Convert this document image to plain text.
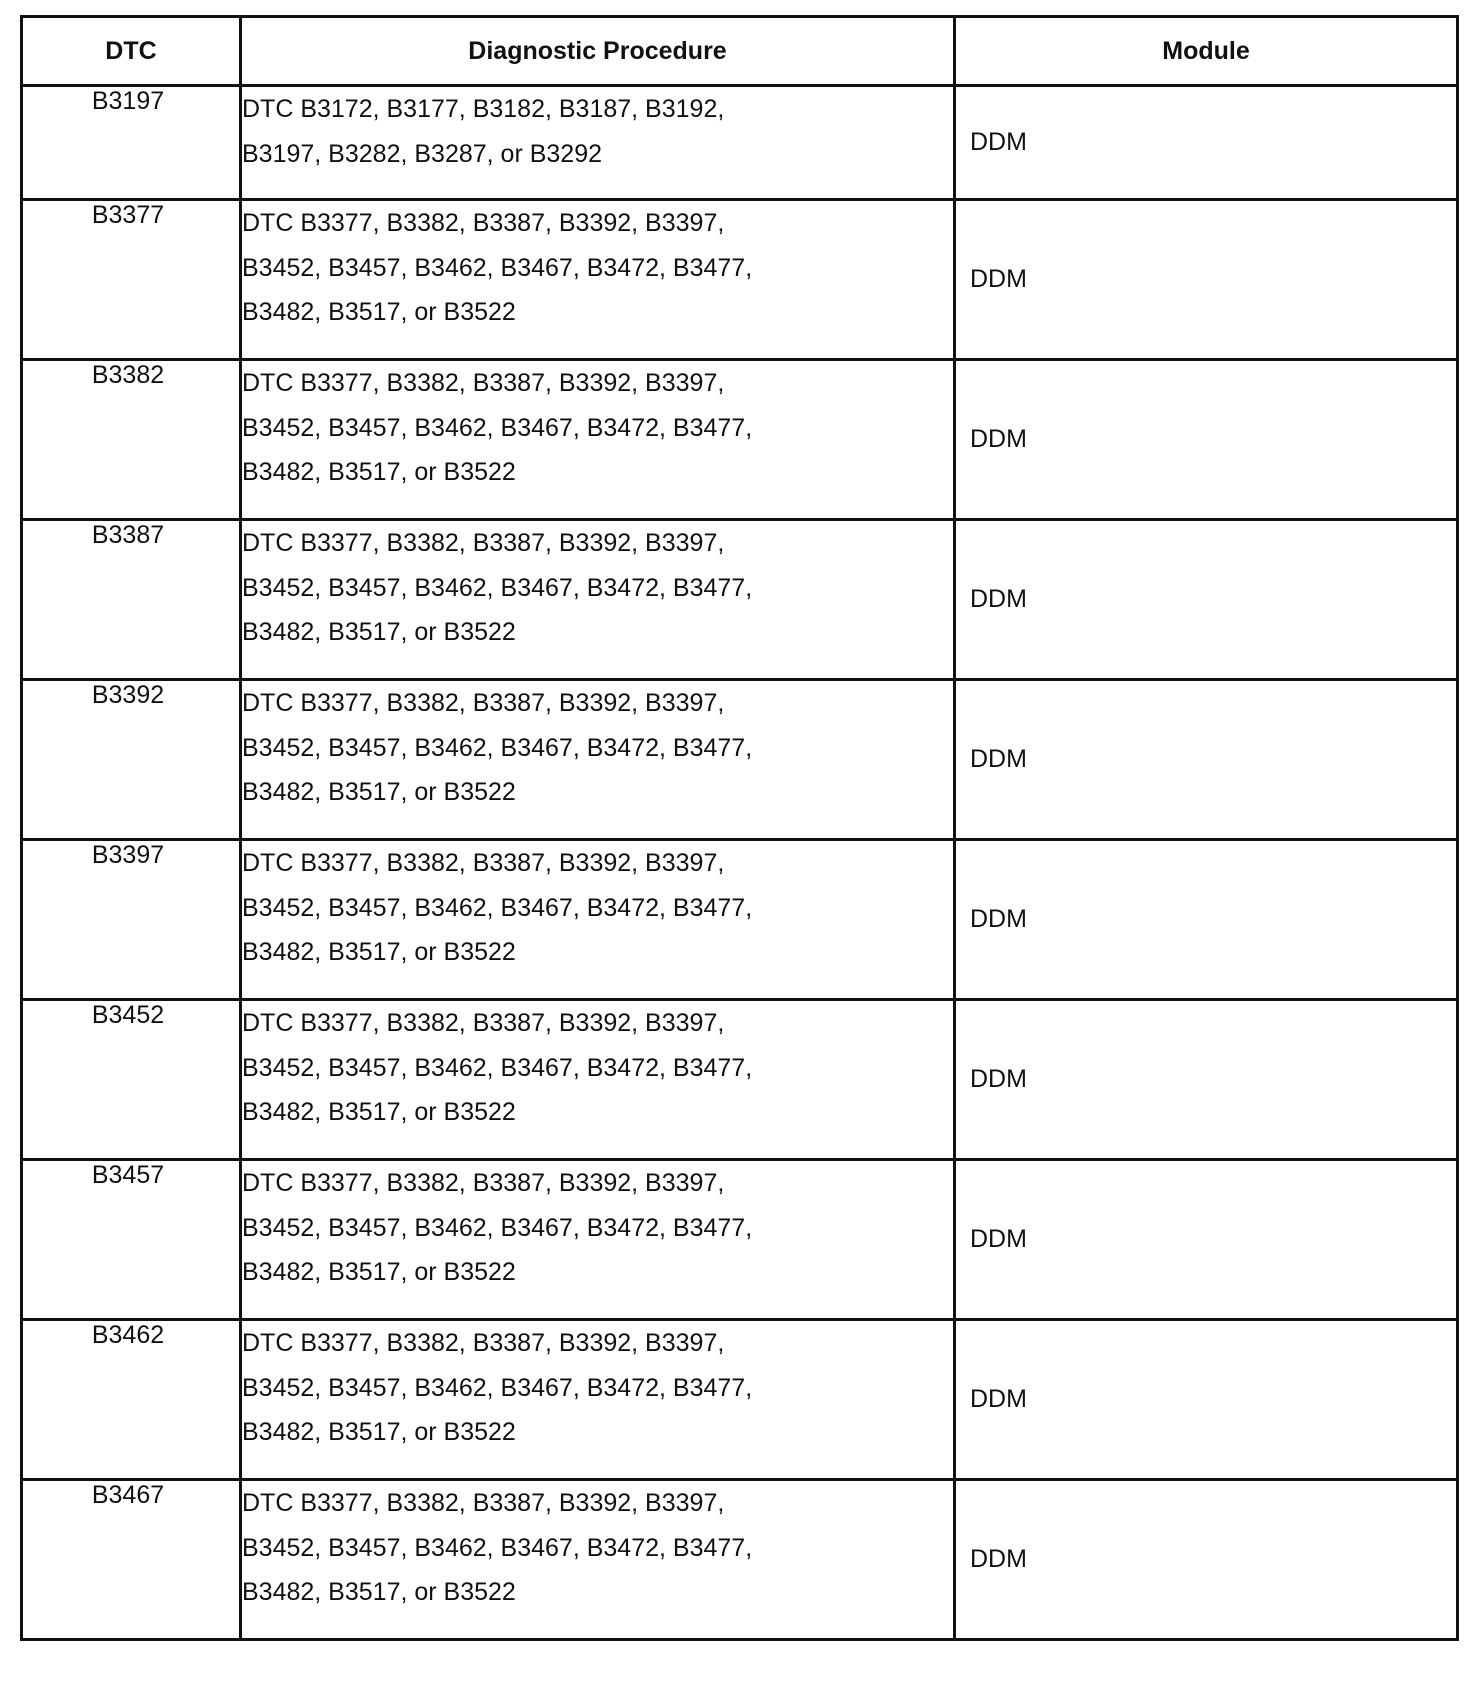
DTC	Diagnostic Procedure	Module
B3197	DTC B3172, B3177, B3182, B3187, B3192,
B3197, B3282, B3287, or B3292	DDM
B3377	DTC B3377, B3382, B3387, B3392, B3397,
B3452, B3457, B3462, B3467, B3472, B3477,
B3482, B3517, or B3522	DDM
B3382	DTC B3377, B3382, B3387, B3392, B3397,
B3452, B3457, B3462, B3467, B3472, B3477,
B3482, B3517, or B3522	DDM
B3387	DTC B3377, B3382, B3387, B3392, B3397,
B3452, B3457, B3462, B3467, B3472, B3477,
B3482, B3517, or B3522	DDM
B3392	DTC B3377, B3382, B3387, B3392, B3397,
B3452, B3457, B3462, B3467, B3472, B3477,
B3482, B3517, or B3522	DDM
B3397	DTC B3377, B3382, B3387, B3392, B3397,
B3452, B3457, B3462, B3467, B3472, B3477,
B3482, B3517, or B3522	DDM
B3452	DTC B3377, B3382, B3387, B3392, B3397,
B3452, B3457, B3462, B3467, B3472, B3477,
B3482, B3517, or B3522	DDM
B3457	DTC B3377, B3382, B3387, B3392, B3397,
B3452, B3457, B3462, B3467, B3472, B3477,
B3482, B3517, or B3522	DDM
B3462	DTC B3377, B3382, B3387, B3392, B3397,
B3452, B3457, B3462, B3467, B3472, B3477,
B3482, B3517, or B3522	DDM
B3467	DTC B3377, B3382, B3387, B3392, B3397,
B3452, B3457, B3462, B3467, B3472, B3477,
B3482, B3517, or B3522	DDM
